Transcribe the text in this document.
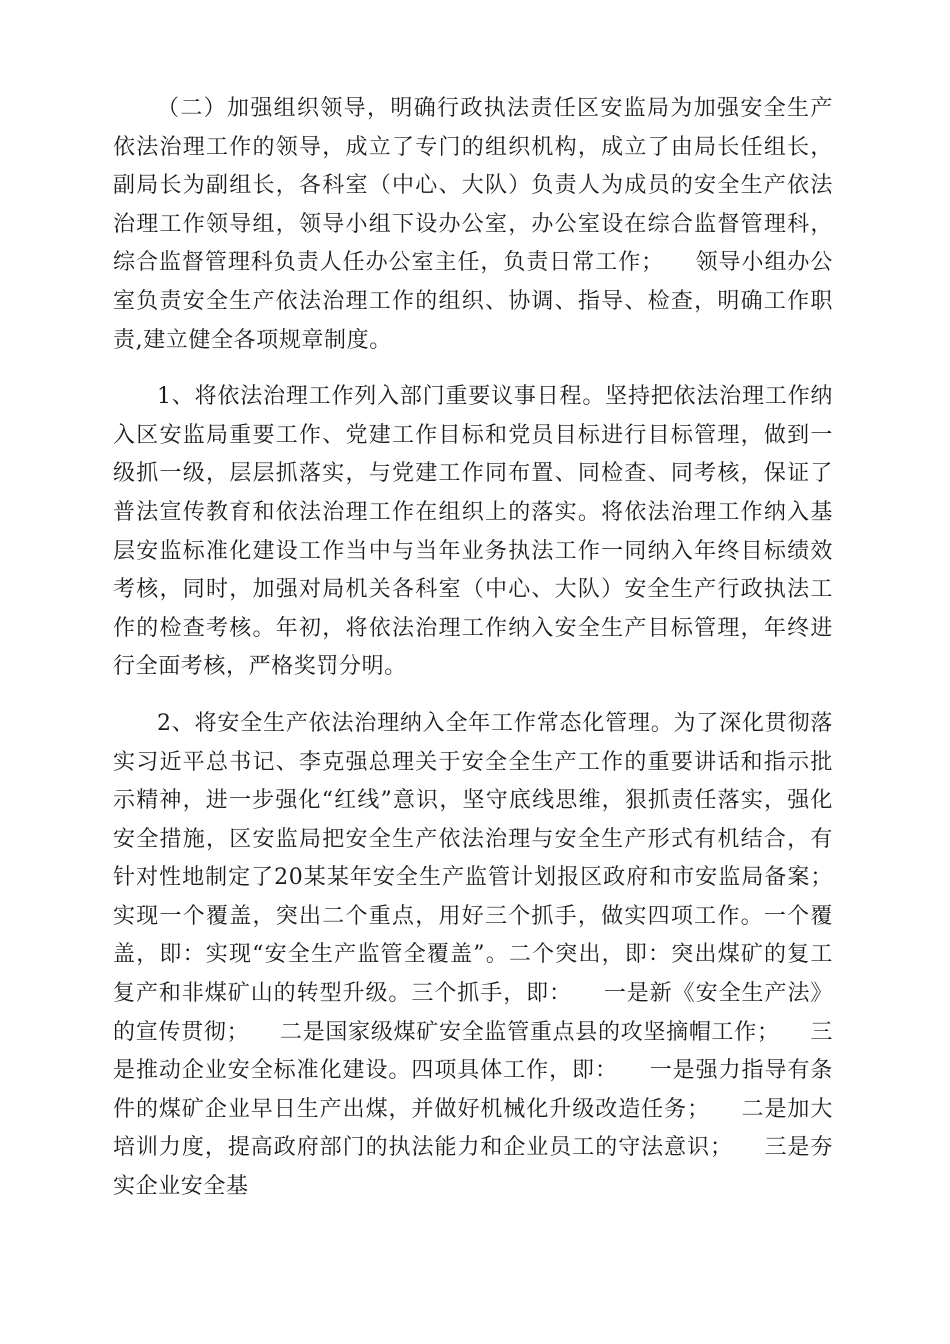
（二）加强组织领导，明确行政执法责任区安监局为加强安全生产依法治理工作的领导，成立了专门的组织机构，成立了由局长任组长，副局长为副组长，各科室（中心、大队）负责人为成员的安全生产依法治理工作领导组，领导小组下设办公室，办公室设在综合监督管理科，综合监督管理科负责人任办公室主任，负责日常工作；    领导小组办公室负责安全生产依法治理工作的组织、协调、指导、检查，明确工作职责,建立健全各项规章制度。

1、将依法治理工作列入部门重要议事日程。坚持把依法治理工作纳入区安监局重要工作、党建工作目标和党员目标进行目标管理，做到一级抓一级，层层抓落实，与党建工作同布置、同检查、同考核，保证了普法宣传教育和依法治理工作在组织上的落实。将依法治理工作纳入基层安监标准化建设工作当中与当年业务执法工作一同纳入年终目标绩效考核，同时，加强对局机关各科室（中心、大队）安全生产行政执法工作的检查考核。年初，将依法治理工作纳入安全生产目标管理，年终进行全面考核，严格奖罚分明。

2、将安全生产依法治理纳入全年工作常态化管理。为了深化贯彻落实习近平总书记、李克强总理关于安全全生产工作的重要讲话和指示批示精神，进一步强化“红线”意识，坚守底线思维，狠抓责任落实，强化安全措施，区安监局把安全生产依法治理与安全生产形式有机结合，有针对性地制定了20某某年安全生产监管计划报区政府和市安监局备案；    实现一个覆盖，突出二个重点，用好三个抓手，做实四项工作。一个覆盖，即：实现“安全生产监管全覆盖”。二个突出，即：突出煤矿的复工复产和非煤矿山的转型升级。三个抓手，即：    一是新《安全生产法》的宣传贯彻；    二是国家级煤矿安全监管重点县的攻坚摘帽工作；    三是推动企业安全标准化建设。四项具体工作，即：    一是强力指导有条件的煤矿企业早日生产出煤，并做好机械化升级改造任务；    二是加大培训力度，提高政府部门的执法能力和企业员工的守法意识；    三是夯实企业安全基
